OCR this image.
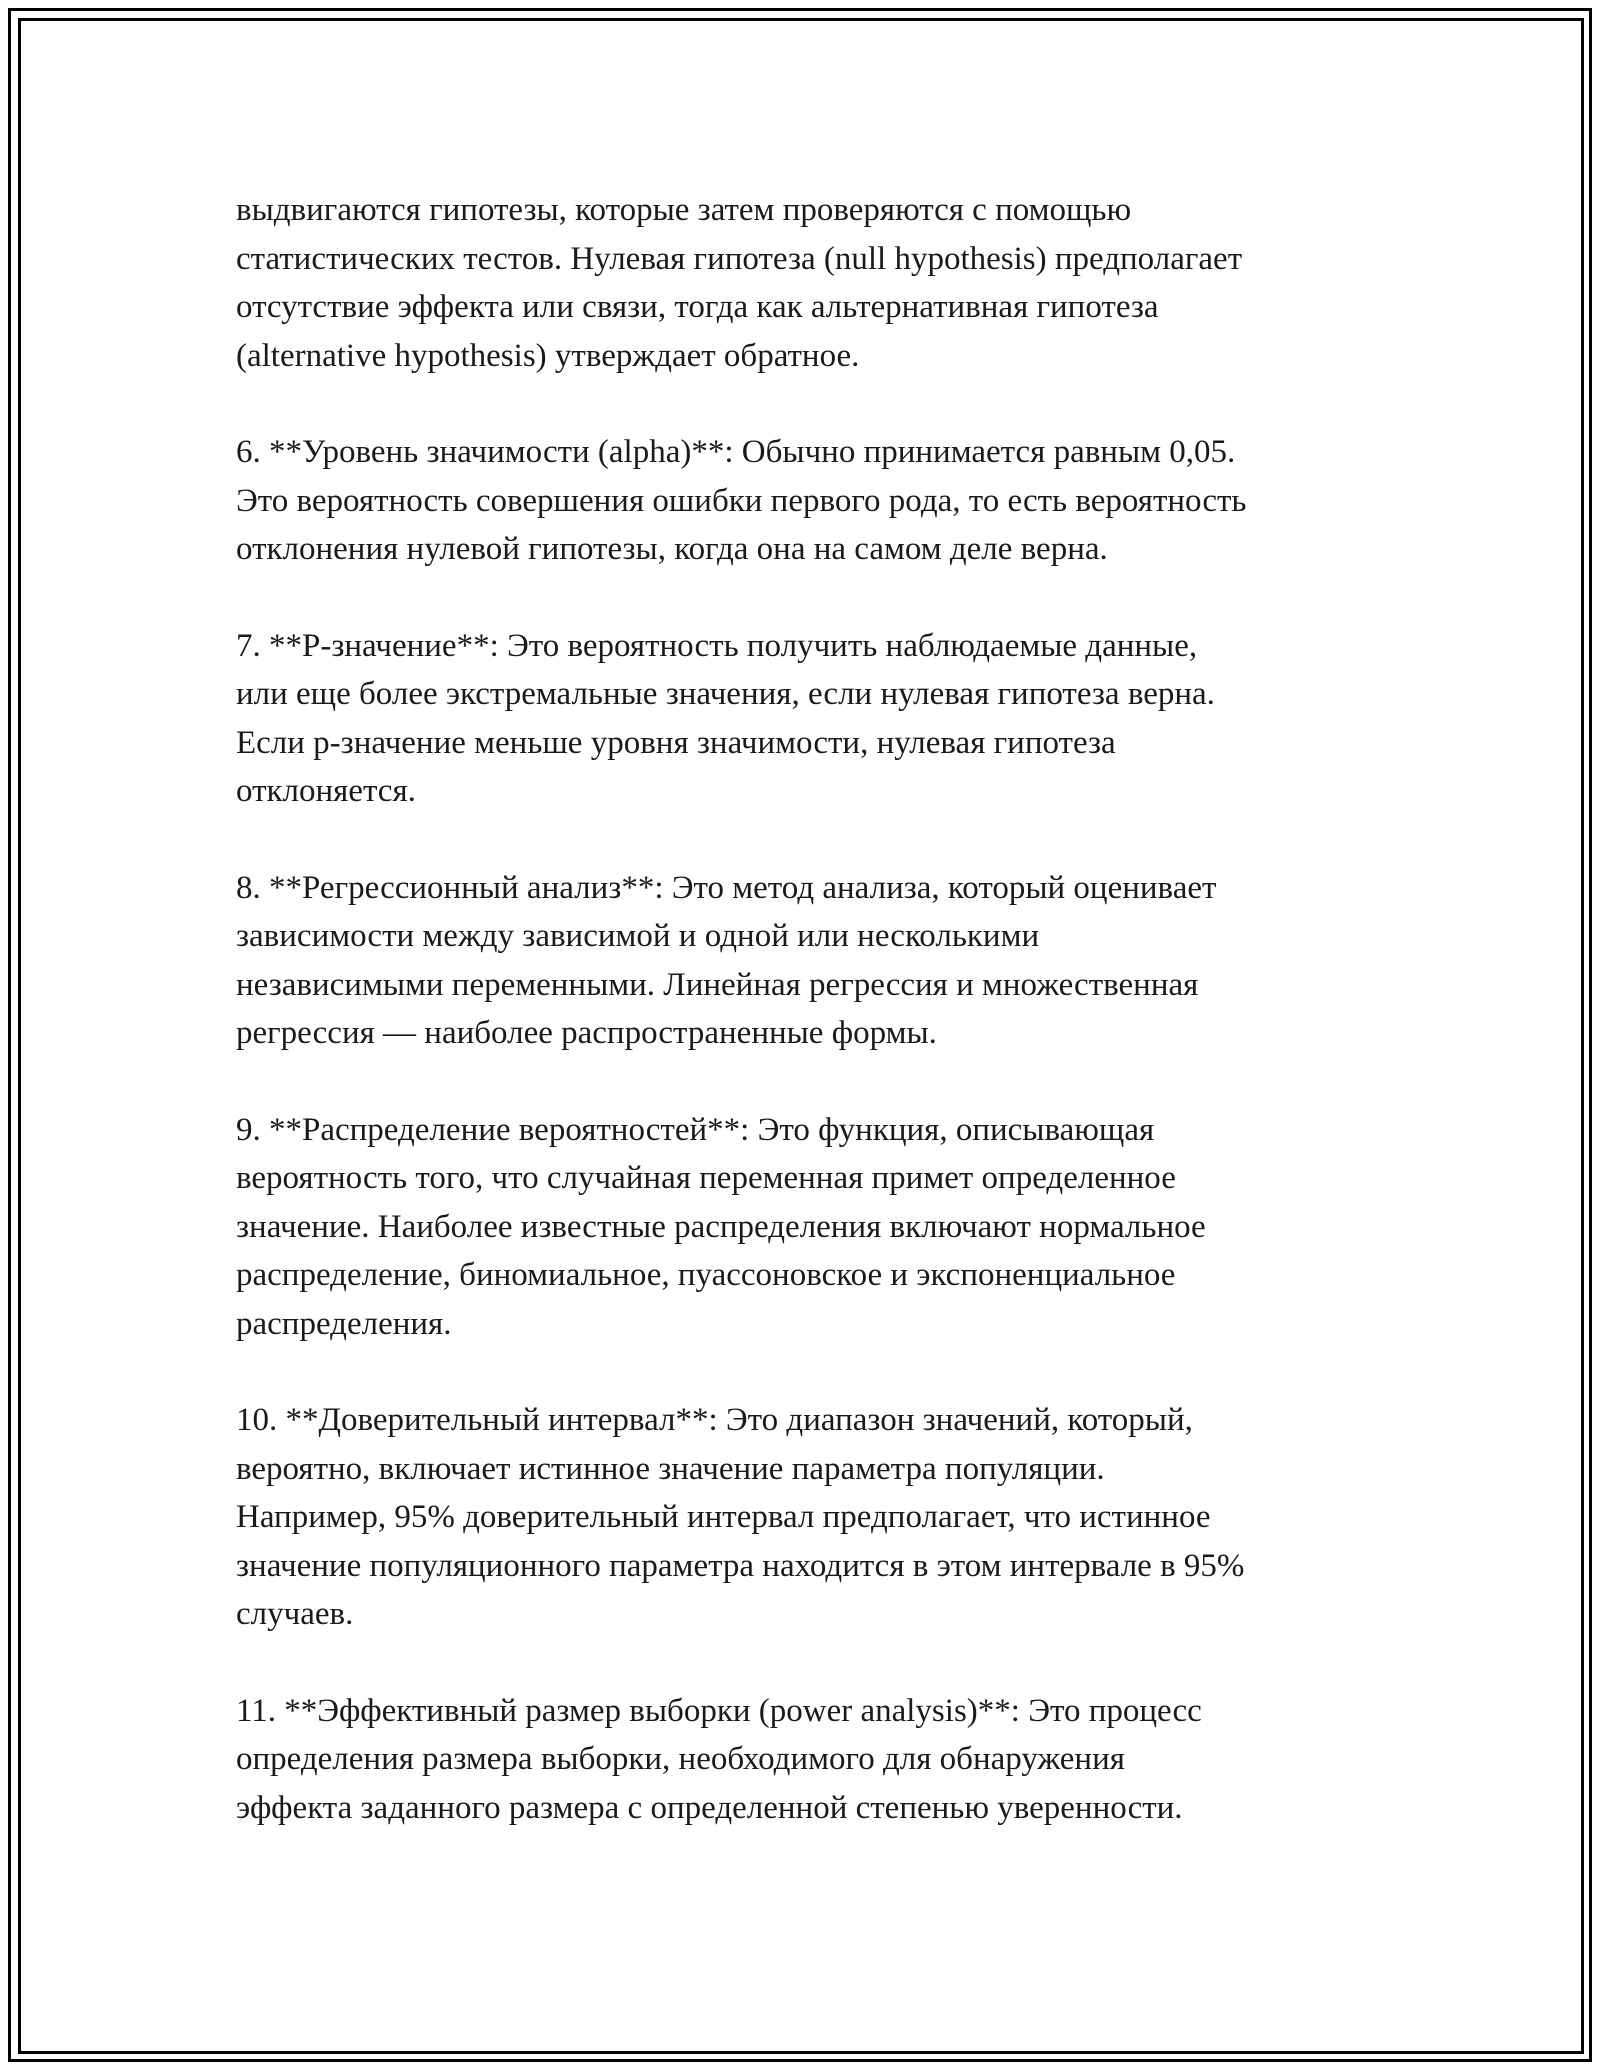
выдвигаются гипотезы, которые затем проверяются с помощью
статистических тестов. Нулевая гипотеза (null hypothesis) предполагает
отсутствие эффекта или связи, тогда как альтернативная гипотеза
(alternative hypothesis) утверждает обратное.

6. **Уровень значимости (alpha)**: Обычно принимается равным 0,05.
Это вероятность совершения ошибки первого рода, то есть вероятность
отклонения нулевой гипотезы, когда она на самом деле верна.

7. **P-значение**: Это вероятность получить наблюдаемые данные,
или еще более экстремальные значения, если нулевая гипотеза верна.
Если p-значение меньше уровня значимости, нулевая гипотеза
отклоняется.

8. **Регрессионный анализ**: Это метод анализа, который оценивает
зависимости между зависимой и одной или несколькими
независимыми переменными. Линейная регрессия и множественная
регрессия — наиболее распространенные формы.

9. **Распределение вероятностей**: Это функция, описывающая
вероятность того, что случайная переменная примет определенное
значение. Наиболее известные распределения включают нормальное
распределение, биномиальное, пуассоновское и экспоненциальное
распределения.

10. **Доверительный интервал**: Это диапазон значений, который,
вероятно, включает истинное значение параметра популяции.
Например, 95% доверительный интервал предполагает, что истинное
значение популяционного параметра находится в этом интервале в 95%
случаев.

11. **Эффективный размер выборки (power analysis)**: Это процесс
определения размера выборки, необходимого для обнаружения
эффекта заданного размера с определенной степенью уверенности.
